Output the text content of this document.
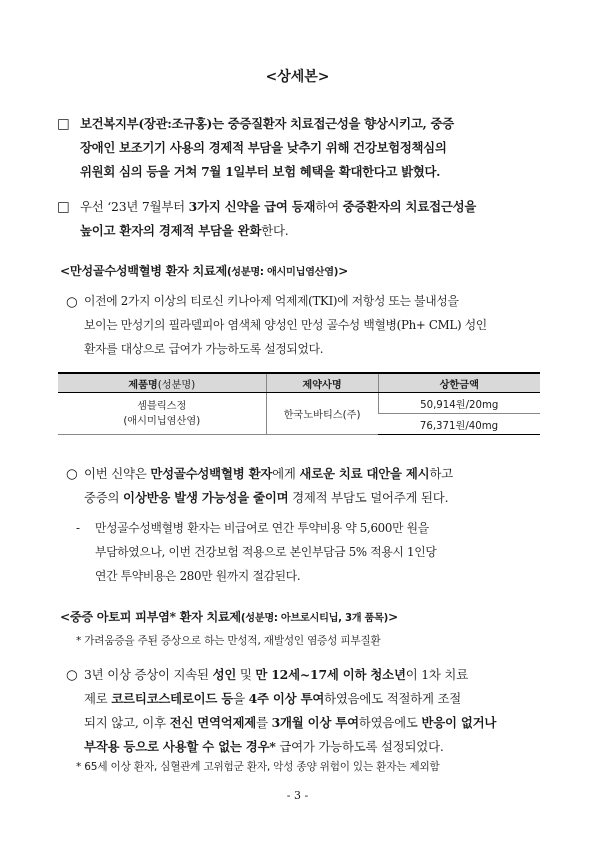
<상세본>
□ 보건복지부(장관:조규홍)는 중증질환자 치료접근성을 향상시키고, 중증
장애인 보조기기 사용의 경제적 부담을 낮추기 위해 건강보험정책심의
위원회 심의 등을 거쳐 7월 1일부터 보험 혜택을 확대한다고 밝혔다.
□ 우선 ‘23년 7월부터 3가지 신약을 급여 등재하여 중증환자의 치료접근성을
높이고 환자의 경제적 부담을 완화한다.
<만성골수성백혈병 환자 치료제(성분명: 애시미닙염산염)>
○ 이전에 2가지 이상의 티로신 키나아제 억제제(TKI)에 저항성 또는 불내성을
보이는 만성기의 필라델피아 염색체 양성인 만성 골수성 백혈병(Ph+ CML) 성인
환자를 대상으로 급여가 가능하도록 설정되었다.
제품명(성분명)	제약사명	상한금액

셈블릭스정
(애시미닙염산염)	한국노바티스(주)	50,914원/20mg
		76,371원/40mg
○ 이번 신약은 만성골수성백혈병 환자에게 새로운 치료 대안을 제시하고
중증의 이상반응 발생 가능성을 줄이며 경제적 부담도 덜어주게 된다.
- 만성골수성백혈병 환자는 비급여로 연간 투약비용 약 5,600만 원을
부담하였으나, 이번 건강보험 적용으로 본인부담금 5% 적용시 1인당
연간 투약비용은 280만 원까지 절감된다.
<중증 아토피 피부염* 환자 치료제(성분명: 아브로시티닙, 3개 품목)>
* 가려움증을 주된 증상으로 하는 만성적, 재발성인 염증성 피부질환
○ 3년 이상 증상이 지속된 성인 및 만 12세~17세 이하 청소년이 1차 치료
제로 코르티코스테로이드 등을 4주 이상 투여하였음에도 적절하게 조절
되지 않고, 이후 전신 면역억제제를 3개월 이상 투여하였음에도 반응이 없거나
부작용 등으로 사용할 수 없는 경우* 급여가 가능하도록 설정되었다.
* 65세 이상 환자, 심혈관계 고위험군 환자, 악성 종양 위험이 있는 환자는 제외함
- 3 -
